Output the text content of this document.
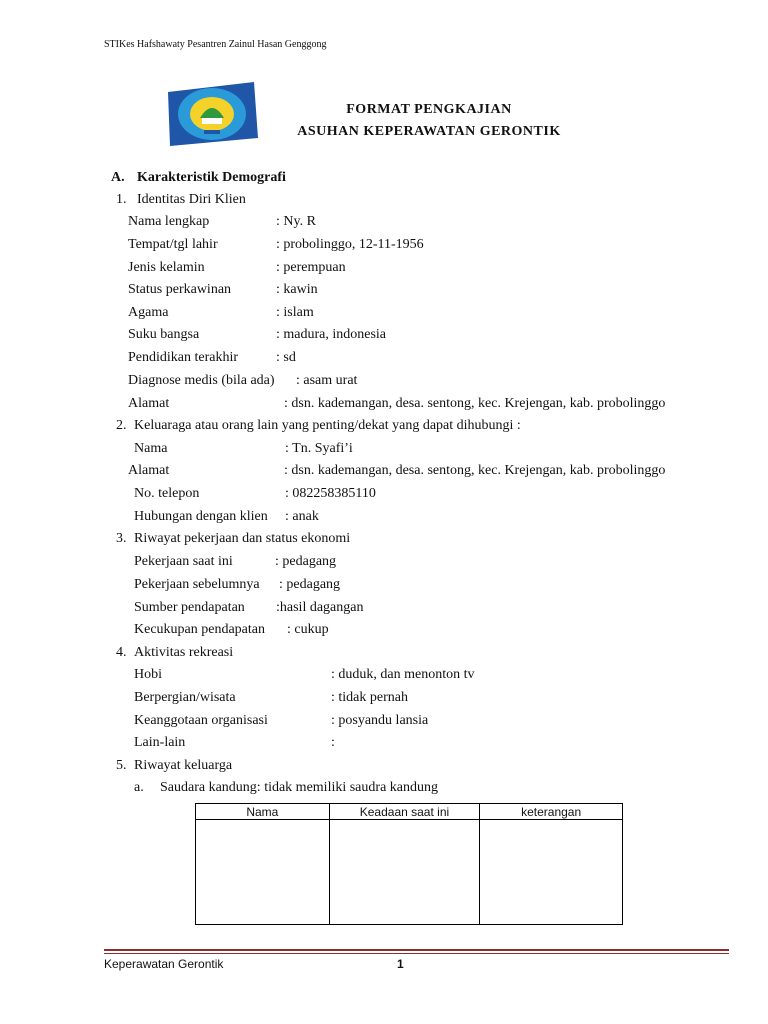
STIKes Hafshawaty Pesantren Zainul Hasan Genggong
FORMAT PENGKAJIAN
ASUHAN KEPERAWATAN GERONTIK
A. Karakteristik Demografi
1. Identitas Diri Klien
Nama lengkap	: Ny. R
Tempat/tgl lahir	: probolinggo, 12-11-1956
Jenis kelamin	: perempuan
Status perkawinan	: kawin
Agama	: islam
Suku bangsa	: madura, indonesia
Pendidikan terakhir	: sd
Diagnose medis (bila ada) : asam urat
Alamat	: dsn. kademangan, desa. sentong, kec. Krejengan, kab. probolinggo
2. Keluaraga atau orang lain yang penting/dekat yang dapat dihubungi :
Nama	: Tn. Syafi’i
Alamat	: dsn. kademangan, desa. sentong, kec. Krejengan, kab. probolinggo
No. telepon	: 082258385110
Hubungan dengan klien : anak
3. Riwayat pekerjaan dan status ekonomi
Pekerjaan saat ini	: pedagang
Pekerjaan sebelumnya : pedagang
Sumber pendapatan :hasil dagangan
Kecukupan pendapatan : cukup
4. Aktivitas rekreasi
Hobi	: duduk, dan menonton tv
Berpergian/wisata	: tidak pernah
Keanggotaan organisasi	: posyandu lansia
Lain-lain	:
5. Riwayat keluarga
a. Saudara kandung: tidak memiliki saudra kandung
Nama	Keadaan saat ini	keterangan

Keperawatan Gerontik	1
